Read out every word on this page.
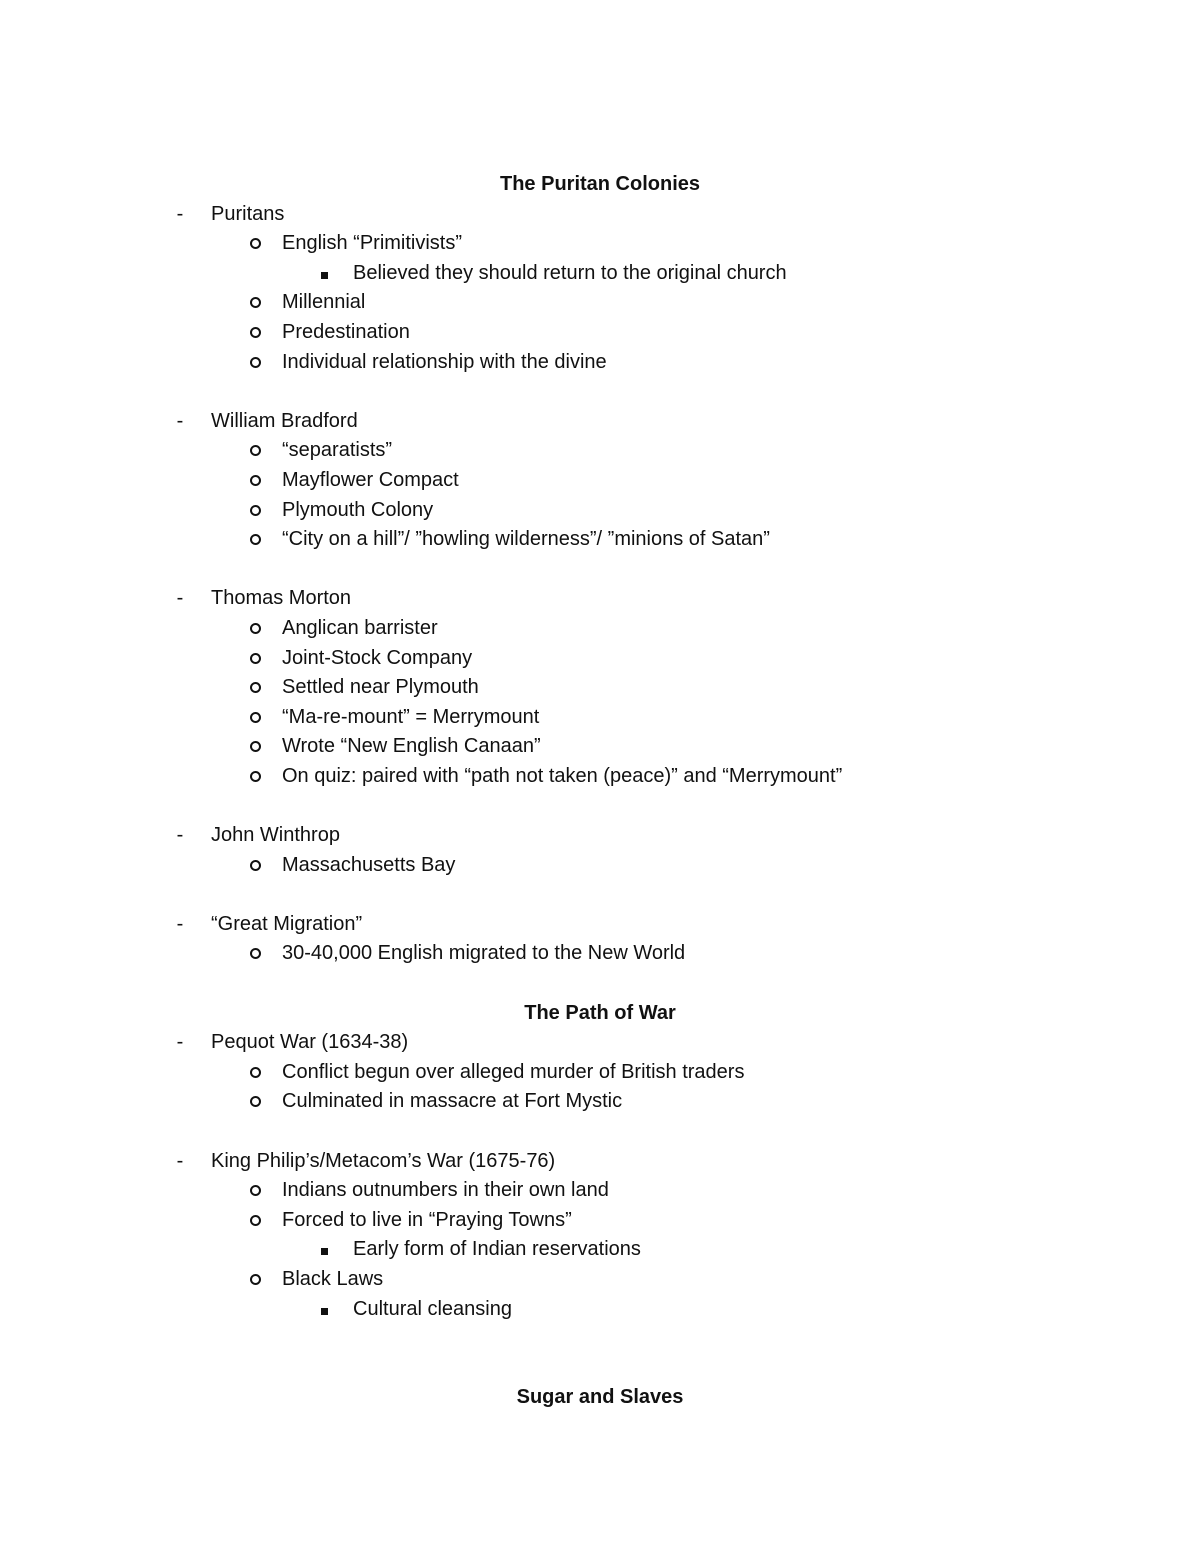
The Puritan Colonies
- Puritans
English “Primitivists”
Believed they should return to the original church
Millennial
Predestination
Individual relationship with the divine
- William Bradford
“separatists”
Mayflower Compact
Plymouth Colony
“City on a hill”/ ”howling wilderness”/ ”minions of Satan”
- Thomas Morton
Anglican barrister
Joint-Stock Company
Settled near Plymouth
“Ma-re-mount” = Merrymount
Wrote “New English Canaan”
On quiz: paired with “path not taken (peace)” and “Merrymount”
- John Winthrop
Massachusetts Bay
- “Great Migration”
30-40,000 English migrated to the New World
The Path of War
- Pequot War (1634-38)
Conflict begun over alleged murder of British traders
Culminated in massacre at Fort Mystic
- King Philip’s/Metacom’s War (1675-76)
Indians outnumbers in their own land
Forced to live in “Praying Towns”
Early form of Indian reservations
Black Laws
Cultural cleansing
Sugar and Slaves
